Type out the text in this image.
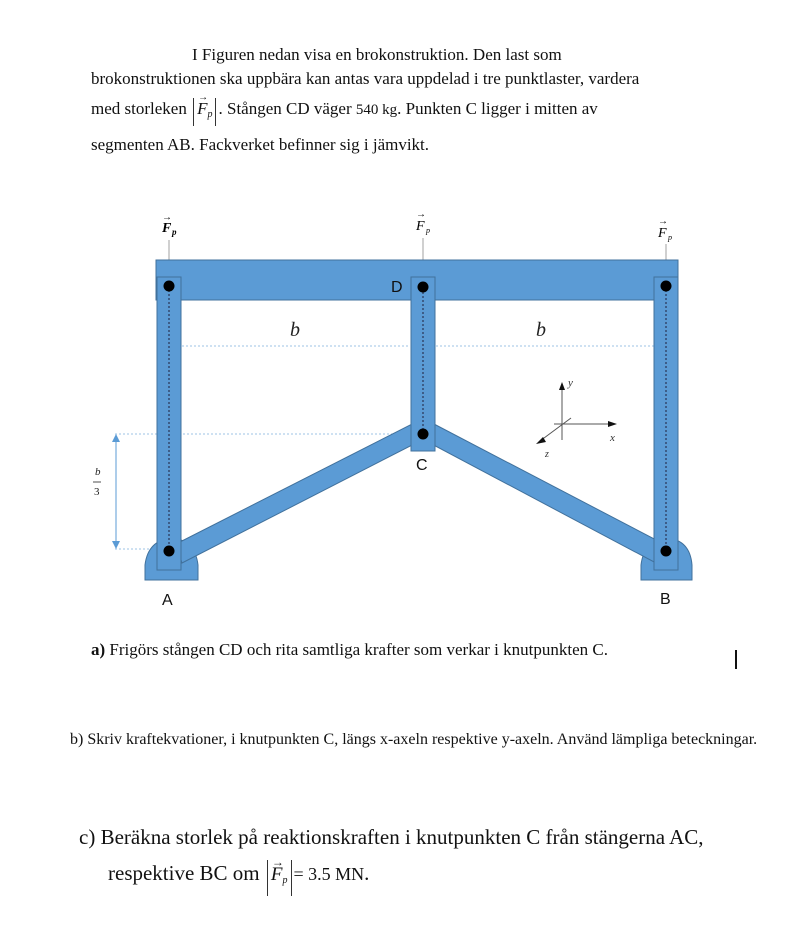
I Figuren nedan visa en brokonstruktion. Den last som
brokonstruktionen ska uppbära kan antas vara uppdelad i tre punktlaster, vardera
med storleken → $F_p$ . Stången CD väger 540 kg. Punkten C ligger i mitten av
segmenten AB. Fackverket befinner sig i jämvikt.
F p
→
F p
→
F p
→
D
C
A	B
b	b
b
3
y
x
z
a) Frigörs stången CD och rita samtliga krafter som verkar i knutpunkten C.
b) Skriv kraftekvationer, i knutpunkten C, längs x-axeln respektive y-axeln. Använd lämpliga beteckningar.
c) Beräkna storlek på reaktionskraften i knutpunkten C från stängerna AC,
respektive BC om → $F_p = 3.5$ MN.
